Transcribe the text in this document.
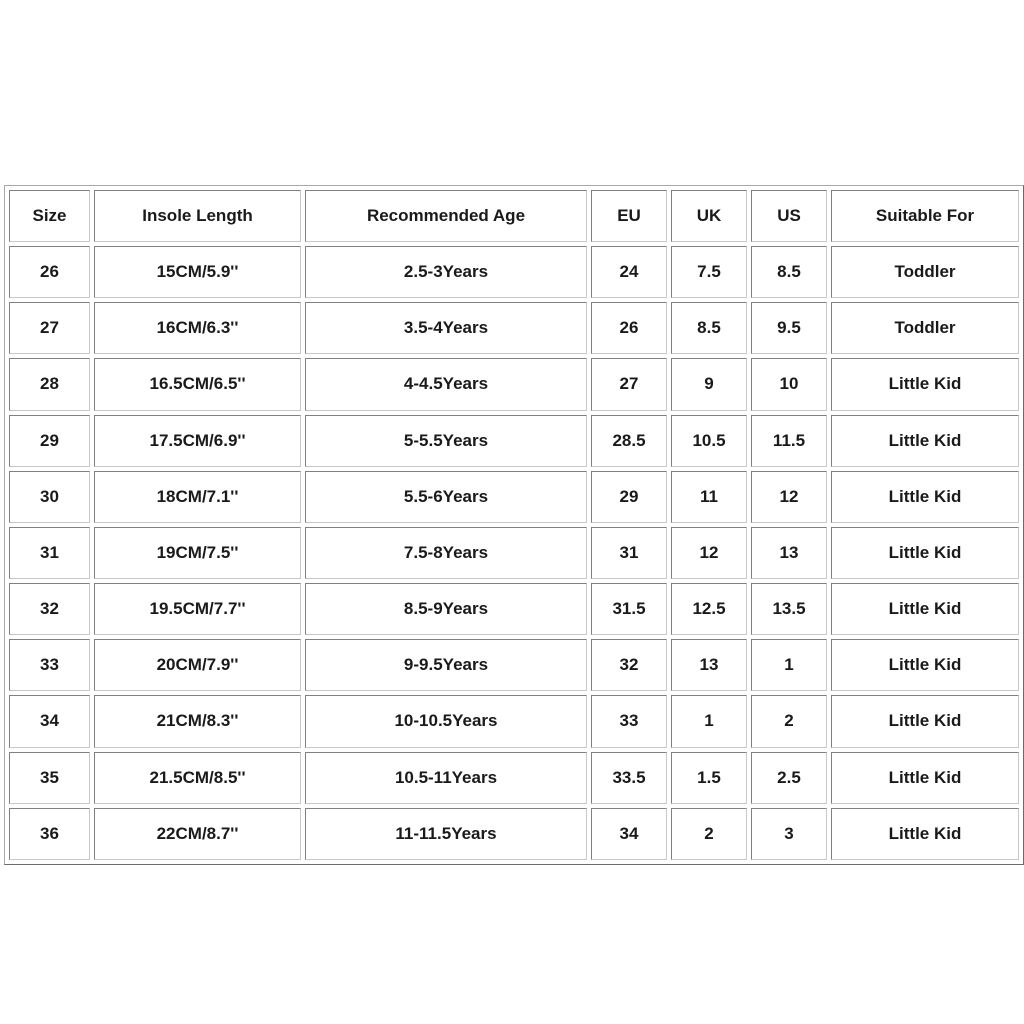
Size	Insole Length	Recommended Age	EU	UK	US	Suitable For
26	15CM/5.9''	2.5-3Years	24	7.5	8.5	Toddler
27	16CM/6.3''	3.5-4Years	26	8.5	9.5	Toddler
28	16.5CM/6.5''	4-4.5Years	27	9	10	Little Kid
29	17.5CM/6.9''	5-5.5Years	28.5	10.5	11.5	Little Kid
30	18CM/7.1''	5.5-6Years	29	11	12	Little Kid
31	19CM/7.5''	7.5-8Years	31	12	13	Little Kid
32	19.5CM/7.7''	8.5-9Years	31.5	12.5	13.5	Little Kid
33	20CM/7.9''	9-9.5Years	32	13	1	Little Kid
34	21CM/8.3''	10-10.5Years	33	1	2	Little Kid
35	21.5CM/8.5''	10.5-11Years	33.5	1.5	2.5	Little Kid
36	22CM/8.7''	11-11.5Years	34	2	3	Little Kid
